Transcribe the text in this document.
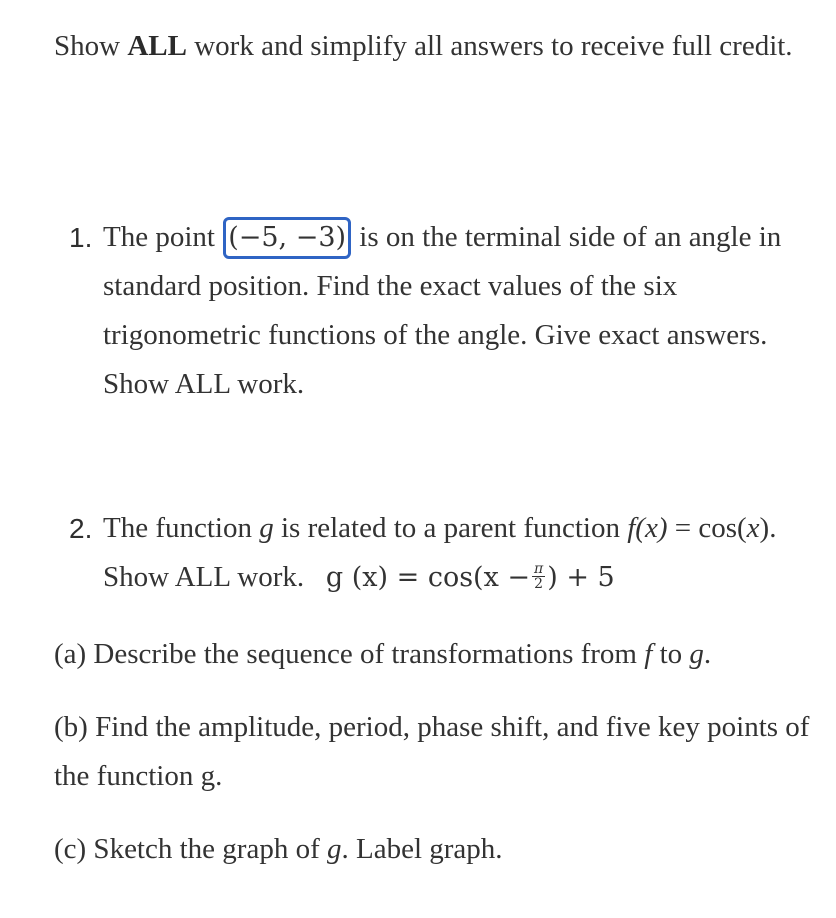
Show ALL work and simplify all answers to receive full credit.
1. The point (−5, −3) is on the terminal side of an angle in standard position. Find the exact values of the six trigonometric functions of the angle. Give exact answers. Show ALL work.
2. The function g is related to a parent function f(x) = cos(x). Show ALL work. g $(x) = \cos(x - \frac{\pi}{2}$ ) + 5
(a) Describe the sequence of transformations from f to g.
(b) Find the amplitude, period, phase shift, and five key points of the function g.
(c) Sketch the graph of g. Label graph.
